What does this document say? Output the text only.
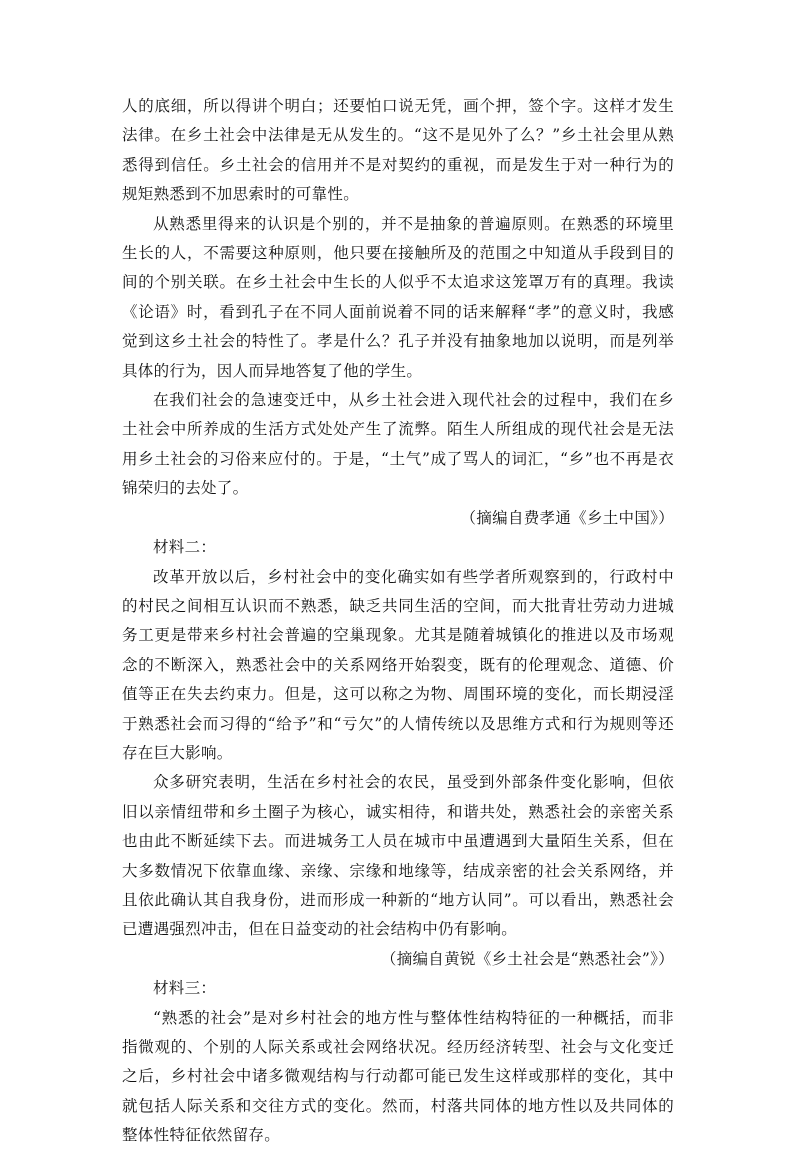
人的底细，所以得讲个明白；还要怕口说无凭，画个押，签个字。这样才发生法律。在乡土社会中法律是无从发生的。“这不是见外了么？”乡土社会里从熟悉得到信任。乡土社会的信用并不是对契约的重视，而是发生于对一种行为的规矩熟悉到不加思索时的可靠性。

从熟悉里得来的认识是个别的，并不是抽象的普遍原则。在熟悉的环境里生长的人，不需要这种原则，他只要在接触所及的范围之中知道从手段到目的间的个别关联。在乡土社会中生长的人似乎不太追求这笼罩万有的真理。我读《论语》时，看到孔子在不同人面前说着不同的话来解释“孝”的意义时，我感觉到这乡土社会的特性了。孝是什么？孔子并没有抽象地加以说明，而是列举具体的行为，因人而异地答复了他的学生。

在我们社会的急速变迁中，从乡土社会进入现代社会的过程中，我们在乡土社会中所养成的生活方式处处产生了流弊。陌生人所组成的现代社会是无法用乡土社会的习俗来应付的。于是，“土气”成了骂人的词汇，“乡”也不再是衣锦荣归的去处了。

（摘编自费孝通《乡土中国》）

材料二：

改革开放以后，乡村社会中的变化确实如有些学者所观察到的，行政村中的村民之间相互认识而不熟悉，缺乏共同生活的空间，而大批青壮劳动力进城务工更是带来乡村社会普遍的空巢现象。尤其是随着城镇化的推进以及市场观念的不断深入，熟悉社会中的关系网络开始裂变，既有的伦理观念、道德、价值等正在失去约束力。但是，这可以称之为物、周围环境的变化，而长期浸淫于熟悉社会而习得的“给予”和“亏欠”的人情传统以及思维方式和行为规则等还存在巨大影响。

众多研究表明，生活在乡村社会的农民，虽受到外部条件变化影响，但依旧以亲情纽带和乡土圈子为核心，诚实相待，和谐共处，熟悉社会的亲密关系也由此不断延续下去。而进城务工人员在城市中虽遭遇到大量陌生关系，但在大多数情况下依靠血缘、亲缘、宗缘和地缘等，结成亲密的社会关系网络，并且依此确认其自我身份，进而形成一种新的“地方认同”。可以看出，熟悉社会已遭遇强烈冲击，但在日益变动的社会结构中仍有影响。

（摘编自黄锐《乡土社会是“熟悉社会”》）

材料三：

“熟悉的社会”是对乡村社会的地方性与整体性结构特征的一种概括，而非指微观的、个别的人际关系或社会网络状况。经历经济转型、社会与文化变迁之后，乡村社会中诸多微观结构与行动都可能已发生这样或那样的变化，其中就包括人际关系和交往方式的变化。然而，村落共同体的地方性以及共同体的整体性特征依然留存。
